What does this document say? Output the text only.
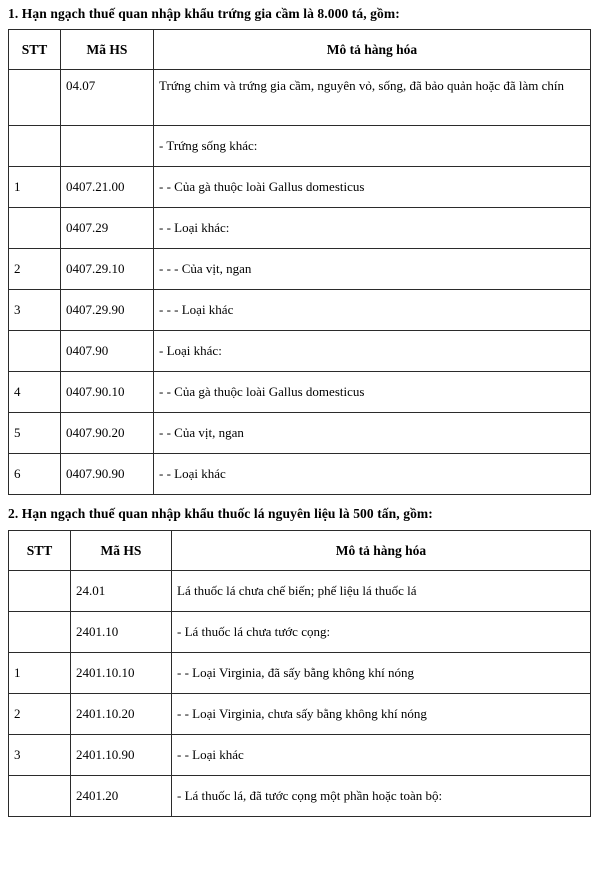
1. Hạn ngạch thuế quan nhập khẩu trứng gia cầm là 8.000 tá, gồm:

STT	Mã HS	Mô tả hàng hóa
	04.07	Trứng chim và trứng gia cầm, nguyên vỏ, sống, đã bảo quản hoặc đã làm chín
		- Trứng sống khác:
1	0407.21.00	- - Của gà thuộc loài Gallus domesticus
	0407.29	- - Loại khác:
2	0407.29.10	- - - Của vịt, ngan
3	0407.29.90	- - - Loại khác
	0407.90	- Loại khác:
4	0407.90.10	- - Của gà thuộc loài Gallus domesticus
5	0407.90.20	- - Của vịt, ngan
6	0407.90.90	- - Loại khác

2. Hạn ngạch thuế quan nhập khẩu thuốc lá nguyên liệu là 500 tấn, gồm:

STT	Mã HS	Mô tả hàng hóa
	24.01	Lá thuốc lá chưa chế biến; phế liệu lá thuốc lá
	2401.10	- Lá thuốc lá chưa tước cọng:
1	2401.10.10	- - Loại Virginia, đã sấy bằng không khí nóng
2	2401.10.20	- - Loại Virginia, chưa sấy bằng không khí nóng
3	2401.10.90	- - Loại khác
	2401.20	- Lá thuốc lá, đã tước cọng một phần hoặc toàn bộ:
